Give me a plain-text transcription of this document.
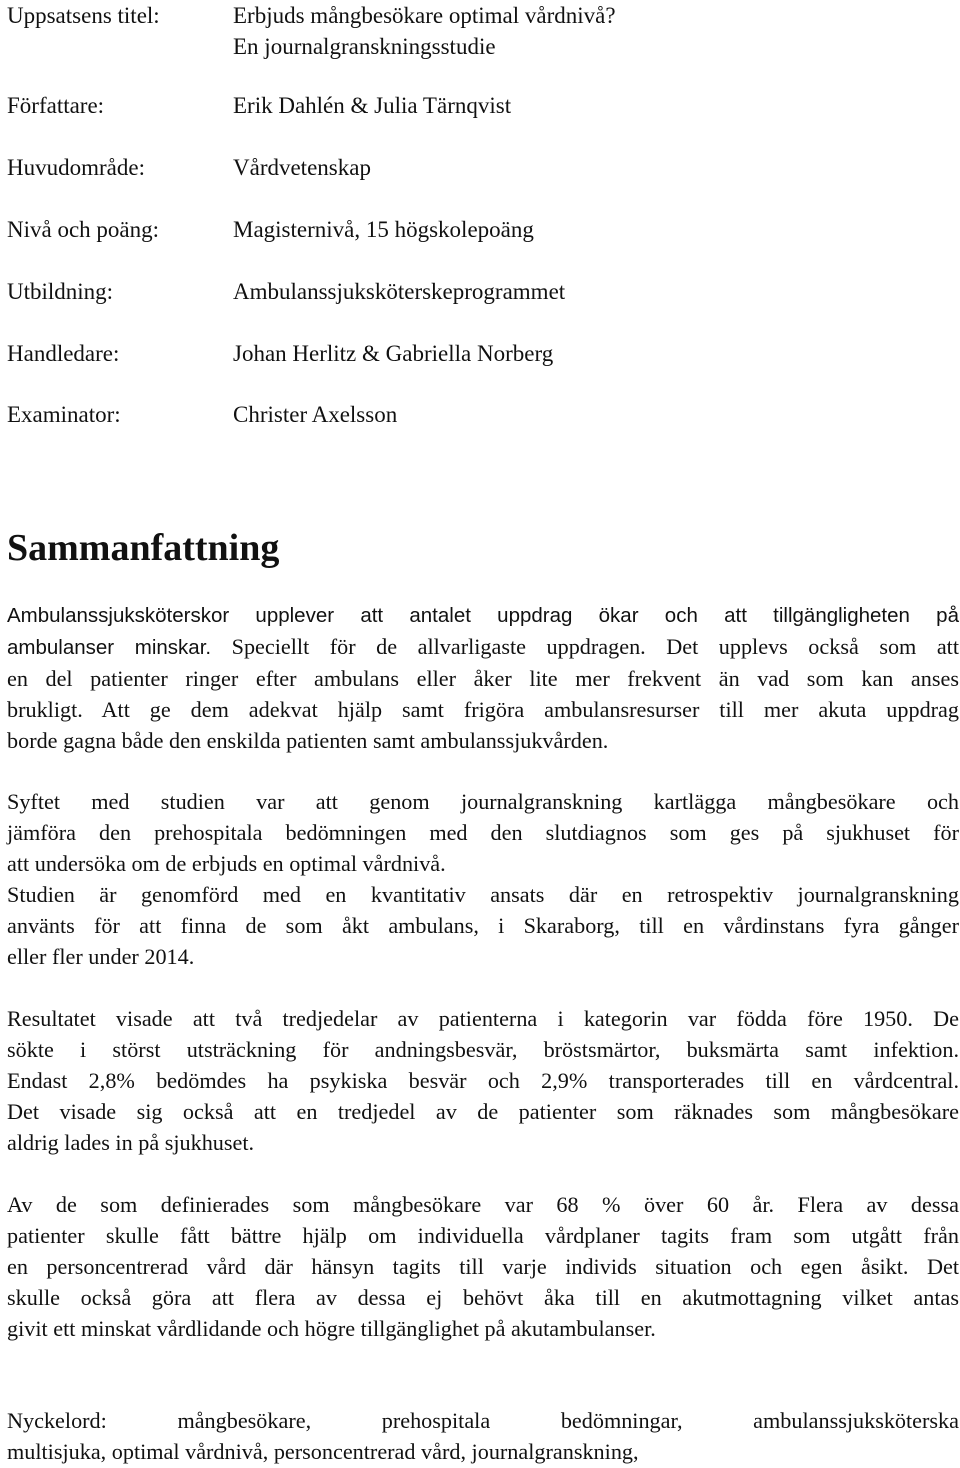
Uppsatsens titel:	Erbjuds mångbesökare optimal vårdnivå?
En journalgranskningsstudie
Författare:	Erik Dahlén & Julia Tärnqvist
Huvudområde:	Vårdvetenskap
Nivå och poäng:	Magisternivå, 15 högskolepoäng
Utbildning:	Ambulanssjuksköterskeprogrammet
Handledare:	Johan Herlitz & Gabriella Norberg
Examinator:	Christer Axelsson
Sammanfattning

Ambulanssjuksköterskor upplever att antalet uppdrag ökar och att tillgängligheten på
ambulanser minskar. Speciellt för de allvarligaste uppdragen. Det upplevs också som att
en del patienter ringer efter ambulans eller åker lite mer frekvent än vad som kan anses
brukligt. Att ge dem adekvat hjälp samt frigöra ambulansresurser till mer akuta uppdrag
borde gagna både den enskilda patienten samt ambulanssjukvården.

Syftet med studien var att genom journalgranskning kartlägga mångbesökare och
jämföra den prehospitala bedömningen med den slutdiagnos som ges på sjukhuset för
att undersöka om de erbjuds en optimal vårdnivå.

Studien är genomförd med en kvantitativ ansats där en retrospektiv journalgranskning
använts för att finna de som åkt ambulans, i Skaraborg, till en vårdinstans fyra gånger
eller fler under 2014.

Resultatet visade att två tredjedelar av patienterna i kategorin var födda före 1950. De
sökte i störst utsträckning för andningsbesvär, bröstsmärtor, buksmärta samt infektion.
Endast 2,8% bedömdes ha psykiska besvär och 2,9% transporterades till en vårdcentral.
Det visade sig också att en tredjedel av de patienter som räknades som mångbesökare
aldrig lades in på sjukhuset.

Av de som definierades som mångbesökare var 68 % över 60 år. Flera av dessa
patienter skulle fått bättre hjälp om individuella vårdplaner tagits fram som utgått från
en personcentrerad vård där hänsyn tagits till varje individs situation och egen åsikt. Det
skulle också göra att flera av dessa ej behövt åka till en akutmottagning vilket antas
givit ett minskat vårdlidande och högre tillgänglighet på akutambulanser.

Nyckelord: mångbesökare, prehospitala bedömningar, ambulanssjuksköterska
multisjuka, optimal vårdnivå, personcentrerad vård, journalgranskning,
